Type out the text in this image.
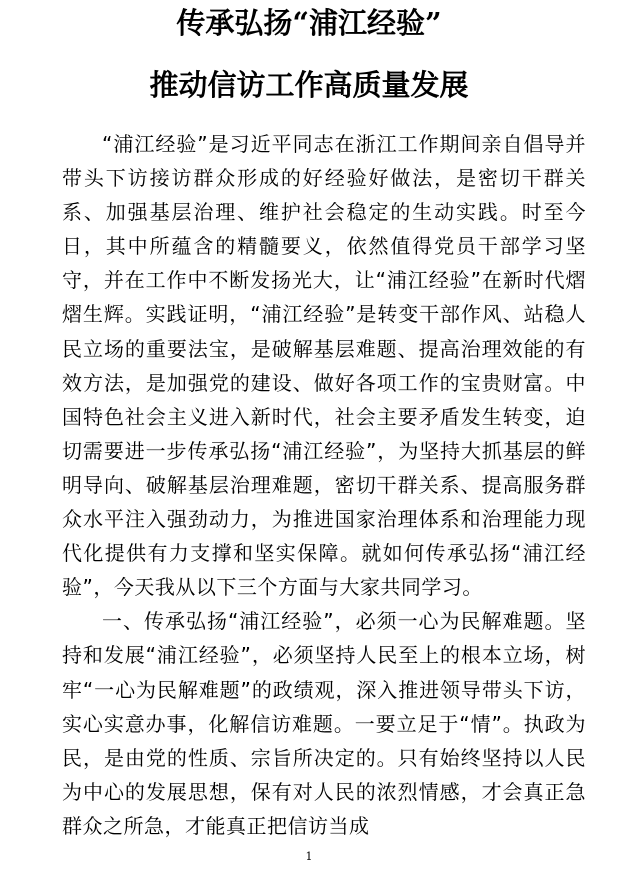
传承弘扬“浦江经验”
推动信访工作高质量发展

“浦江经验”是习近平同志在浙江工作期间亲自倡导并带头下访接访群众形成的好经验好做法，是密切干群关系、加强基层治理、维护社会稳定的生动实践。时至今日，其中所蕴含的精髓要义，依然值得党员干部学习坚守，并在工作中不断发扬光大，让“浦江经验”在新时代熠熠生辉。实践证明，“浦江经验”是转变干部作风、站稳人民立场的重要法宝，是破解基层难题、提高治理效能的有效方法，是加强党的建设、做好各项工作的宝贵财富。中国特色社会主义进入新时代，社会主要矛盾发生转变，迫切需要进一步传承弘扬“浦江经验”，为坚持大抓基层的鲜明导向、破解基层治理难题，密切干群关系、提高服务群众水平注入强劲动力，为推进国家治理体系和治理能力现代化提供有力支撑和坚实保障。就如何传承弘扬“浦江经验”，今天我从以下三个方面与大家共同学习。

一、传承弘扬“浦江经验”，必须一心为民解难题。坚持和发展“浦江经验”，必须坚持人民至上的根本立场，树牢“一心为民解难题”的政绩观，深入推进领导带头下访，实心实意办事，化解信访难题。一要立足于“情”。执政为民，是由党的性质、宗旨所决定的。只有始终坚持以人民为中心的发展思想，保有对人民的浓烈情感，才会真正急群众之所急，才能真正把信访当成

1
